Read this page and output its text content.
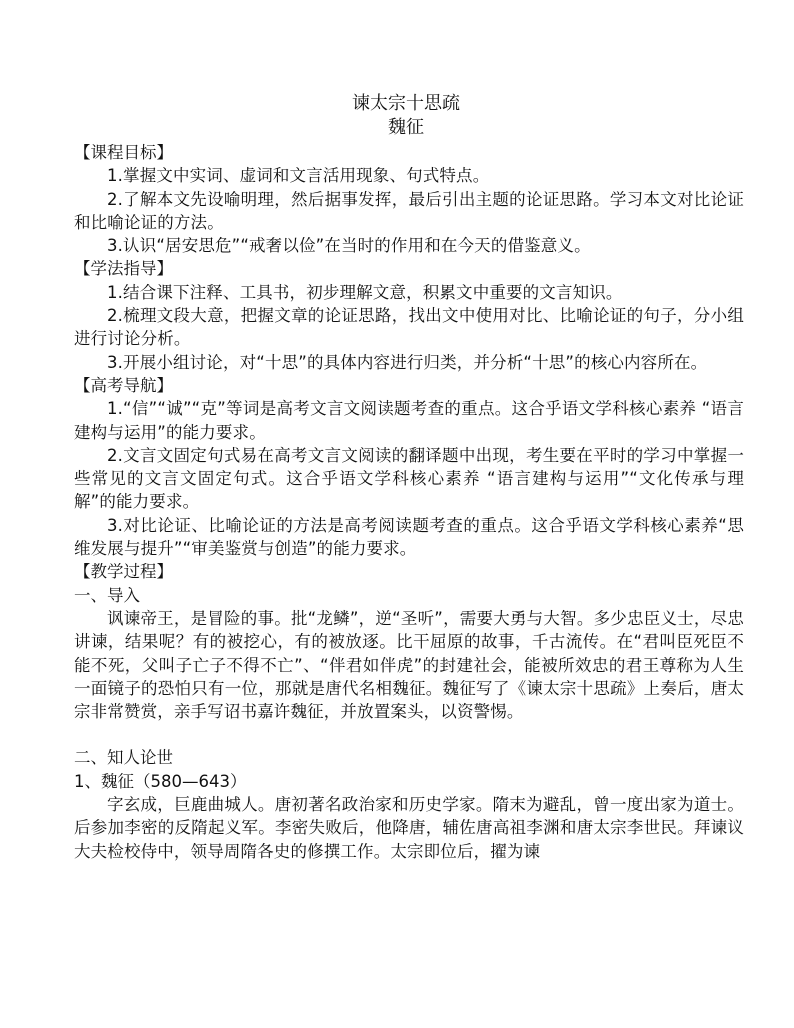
谏太宗十思疏
魏征
【课程目标】
1.掌握文中实词、虚词和文言活用现象、句式特点。
2.了解本文先设喻明理，然后据事发挥，最后引出主题的论证思路。学习本文对比论证和比喻论证的方法。
3.认识“居安思危”“戒奢以俭”在当时的作用和在今天的借鉴意义。
【学法指导】
1.结合课下注释、工具书，初步理解文意，积累文中重要的文言知识。
2.梳理文段大意，把握文章的论证思路，找出文中使用对比、比喻论证的句子，分小组进行讨论分析。
3.开展小组讨论，对“十思”的具体内容进行归类，并分析“十思”的核心内容所在。
【高考导航】
1.“信”“诚”“克”等词是高考文言文阅读题考查的重点。这合乎语文学科核心素养 “语言建构与运用”的能力要求。
2.文言文固定句式易在高考文言文阅读的翻译题中出现，考生要在平时的学习中掌握一些常见的文言文固定句式。这合乎语文学科核心素养 “语言建构与运用”“文化传承与理解”的能力要求。
3.对比论证、比喻论证的方法是高考阅读题考查的重点。这合乎语文学科核心素养“思维发展与提升”“审美鉴赏与创造”的能力要求。
【教学过程】
一、导入
讽谏帝王，是冒险的事。批“龙鳞”，逆“圣听”，需要大勇与大智。多少忠臣义士，尽忠讲谏，结果呢？有的被挖心，有的被放逐。比干屈原的故事，千古流传。在“君叫臣死臣不能不死，父叫子亡子不得不亡”、“伴君如伴虎”的封建社会，能被所效忠的君王尊称为人生一面镜子的恐怕只有一位，那就是唐代名相魏征。魏征写了《谏太宗十思疏》上奏后，唐太宗非常赞赏，亲手写诏书嘉许魏征，并放置案头，以资警惕。
二、知人论世
1、魏征（580—643）
字玄成，巨鹿曲城人。唐初著名政治家和历史学家。隋末为避乱，曾一度出家为道士。后参加李密的反隋起义军。李密失败后，他降唐，辅佐唐高祖李渊和唐太宗李世民。拜谏议大夫检校侍中，领导周隋各史的修撰工作。太宗即位后，擢为谏
